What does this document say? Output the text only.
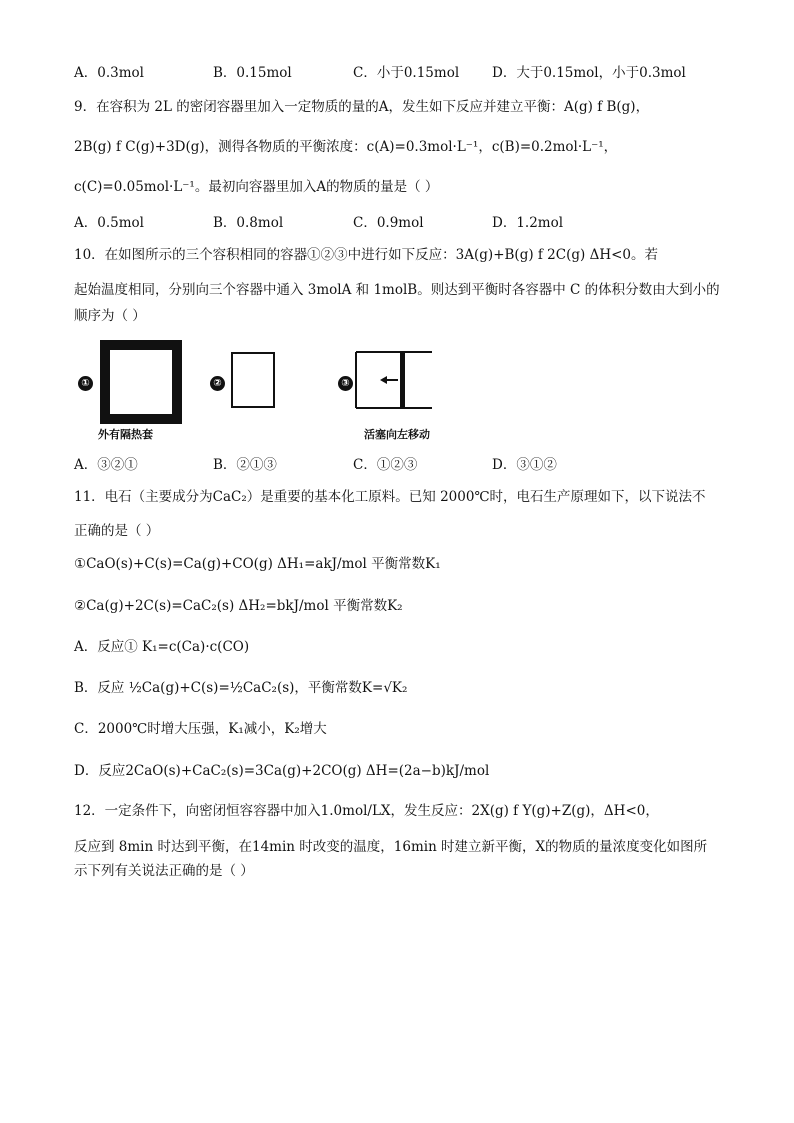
A．0.3mol	B．0.15mol	C．小于0.15mol D．大于0.15mol，小于0.3mol
9．在容积为 2L 的密闭容器里加入一定物质的量的A，发生如下反应并建立平衡：A(g) f B(g)，
2B(g) f C(g)+3D(g)，测得各物质的平衡浓度：c(A)=0.3mol·L⁻¹，c(B)=0.2mol·L⁻¹，
c(C)=0.05mol·L⁻¹。最初向容器里加入A的物质的量是（ ）
A．0.5mol	B．0.8mol	C．0.9mol	D．1.2mol
10．在如图所示的三个容积相同的容器①②③中进行如下反应：3A(g)+B(g) f 2C(g) ΔH<0。若
起始温度相同，分别向三个容器中通入 3molA 和 1molB。则达到平衡时各容器中 C 的体积分数由大到小的
顺序为（ ）
①
外有隔热套
②	③
活塞向左移动
A．③②①	B．②①③	C．①②③	D．③①②
11．电石（主要成分为CaC₂）是重要的基本化工原料。已知 2000℃时，电石生产原理如下，以下说法不
正确的是（ ）
①CaO(s)+C(s)=Ca(g)+CO(g) ΔH₁=akJ/mol 平衡常数K₁
②Ca(g)+2C(s)=CaC₂(s) ΔH₂=bkJ/mol 平衡常数K₂
A．反应① K₁=c(Ca)·c(CO)
B．反应 ½Ca(g)+C(s)=½CaC₂(s)，平衡常数K=√K₂
C．2000℃时增大压强，K₁减小，K₂增大
D．反应2CaO(s)+CaC₂(s)=3Ca(g)+2CO(g) ΔH=(2a−b)kJ/mol
12．一定条件下，向密闭恒容容器中加入1.0mol/LX，发生反应：2X(g) f Y(g)+Z(g)，ΔH<0，
反应到 8min 时达到平衡，在14min 时改变的温度，16min 时建立新平衡，X的物质的量浓度变化如图所
示下列有关说法正确的是（ ）
